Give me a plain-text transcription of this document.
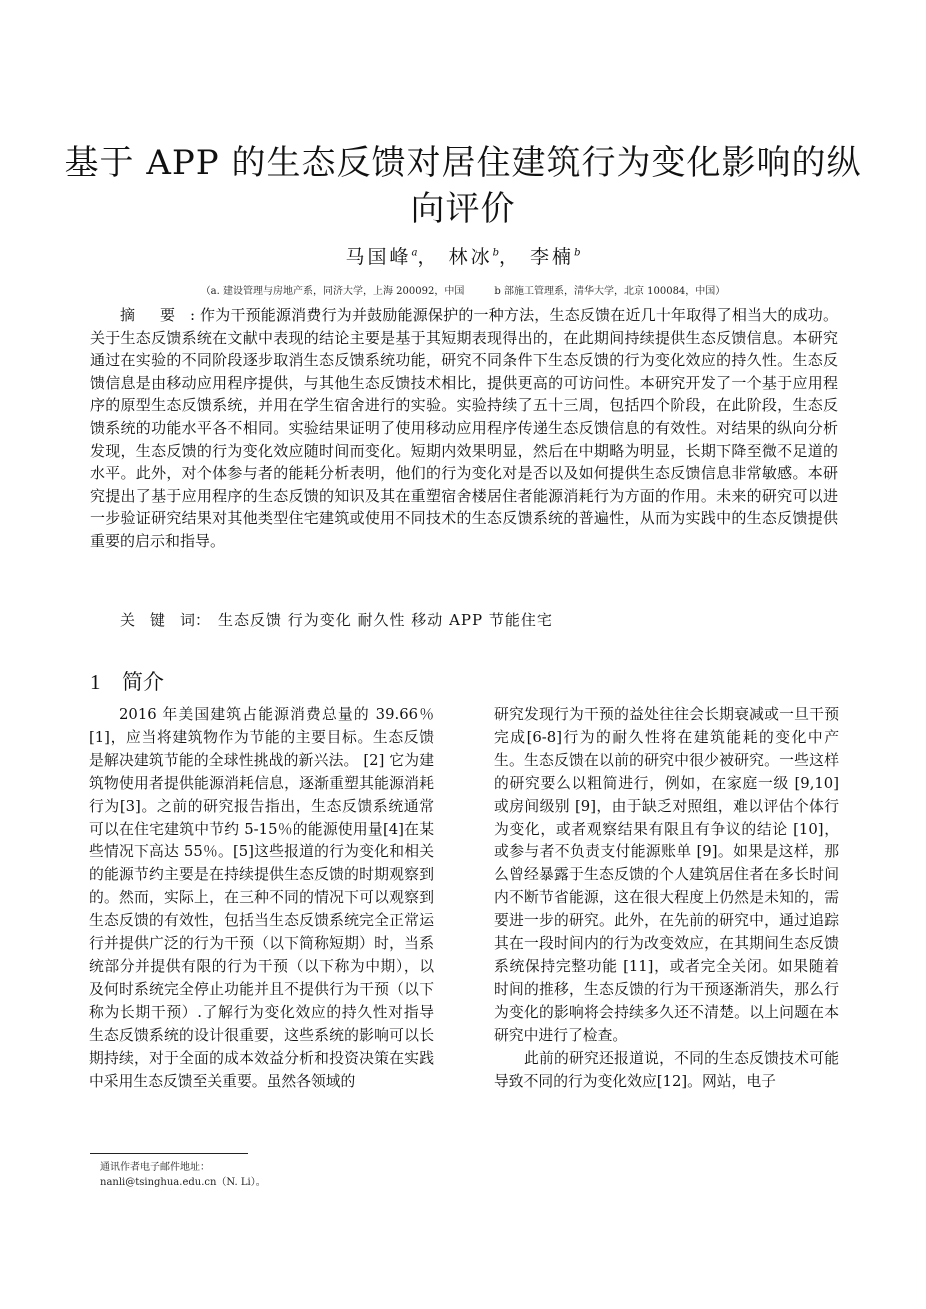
基于 APP 的生态反馈对居住建筑行为变化影响的纵向评价
马国峰$^a$， 林冰$^b$， 李楠$^b$
（a. 建设管理与房地产系，同济大学，上海 200092，中国	b 部施工管理系，清华大学，北京 100084，中国）

摘 要 : 作为干预能源消费行为并鼓励能源保护的一种方法，生态反馈在近几十年取得了相当大的成功。关于生态反馈系统在文献中表现的结论主要是基于其短期表现得出的，在此期间持续提供生态反馈信息。本研究通过在实验的不同阶段逐步取消生态反馈系统功能，研究不同条件下生态反馈的行为变化效应的持久性。生态反馈信息是由移动应用程序提供，与其他生态反馈技术相比，提供更高的可访问性。本研究开发了一个基于应用程序的原型生态反馈系统，并用在学生宿舍进行的实验。实验持续了五十三周，包括四个阶段，在此阶段，生态反馈系统的功能水平各不相同。实验结果证明了使用移动应用程序传递生态反馈信息的有效性。对结果的纵向分析发现，生态反馈的行为变化效应随时间而变化。短期内效果明显，然后在中期略为明显，长期下降至微不足道的水平。此外，对个体参与者的能耗分析表明，他们的行为变化对是否以及如何提供生态反馈信息非常敏感。本研究提出了基于应用程序的生态反馈的知识及其在重塑宿舍楼居住者能源消耗行为方面的作用。未来的研究可以进一步验证研究结果对其他类型住宅建筑或使用不同技术的生态反馈系统的普遍性，从而为实践中的生态反馈提供重要的启示和指导。

关 键 词： 生态反馈 行为变化 耐久性 移动 APP 节能住宅
1 简介

2016 年美国建筑占能源消费总量的 39.66％ [1]，应当将建筑物作为节能的主要目标。生态反馈是解决建筑节能的全球性挑战的新兴法。 [2] 它为建筑物使用者提供能源消耗信息，逐渐重塑其能源消耗行为[3]。之前的研究报告指出，生态反馈系统通常可以在住宅建筑中节约 5-15％的能源使用量[4]在某些情况下高达 55％。[5]这些报道的行为变化和相关的能源节约主要是在持续提供生态反馈的时期观察到的。然而，实际上，在三种不同的情况下可以观察到生态反馈的有效性，包括当生态反馈系统完全正常运行并提供广泛的行为干预（以下简称短期）时，当系统部分并提供有限的行为干预（以下称为中期），以及何时系统完全停止功能并且不提供行为干预（以下称为长期干预）.了解行为变化效应的持久性对指导生态反馈系统的设计很重要，这些系统的影响可以长期持续，对于全面的成本效益分析和投资决策在实践中采用生态反馈至关重要。虽然各领域的

研究发现行为干预的益处往往会长期衰减或一旦干预完成[6-8]行为的耐久性将在建筑能耗的变化中产生。生态反馈在以前的研究中很少被研究。一些这样的研究要么以粗简进行，例如，在家庭一级 [9,10]或房间级别 [9]，由于缺乏对照组，难以评估个体行为变化，或者观察结果有限且有争议的结论 [10]，或参与者不负责支付能源账单 [9]。如果是这样，那么曾经暴露于生态反馈的个人建筑居住者在多长时间内不断节省能源，这在很大程度上仍然是未知的，需要进一步的研究。此外，在先前的研究中，通过追踪其在一段时间内的行为改变效应，在其期间生态反馈系统保持完整功能 [11]，或者完全关闭。如果随着时间的推移，生态反馈的行为干预逐渐消失，那么行为变化的影响将会持续多久还不清楚。以上问题在本研究中进行了检查。

此前的研究还报道说，不同的生态反馈技术可能导致不同的行为变化效应[12]。网站，电子

通讯作者电子邮件地址：
nanli@tsinghua.edu.cn（N. Li）。
